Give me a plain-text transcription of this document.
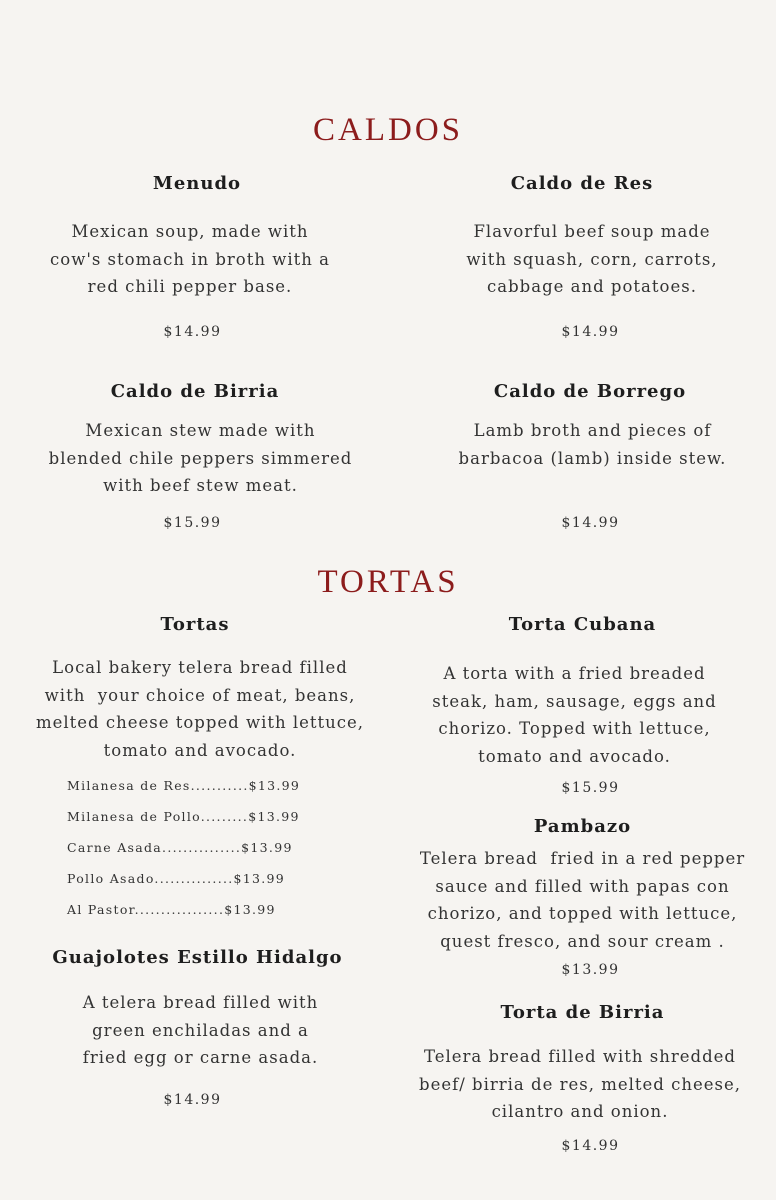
CALDOS
Menudo
Mexican soup, made with
cow's stomach in broth with a
red chili pepper base.
$14.99
Caldo de Res
Flavorful beef soup made
with squash, corn, carrots,
cabbage and potatoes.
$14.99
Caldo de Birria
Mexican stew made with
blended chile peppers simmered
with beef stew meat.
$15.99
Caldo de Borrego
Lamb broth and pieces of
barbacoa (lamb) inside stew.
$14.99
TORTAS
Tortas
Local bakery telera bread filled
with  your choice of meat, beans,
melted cheese topped with lettuce,
tomato and avocado.
Milanesa de Res...........$13.99
Milanesa de Pollo.........$13.99
Carne Asada...............$13.99
Pollo Asado...............$13.99
Al Pastor.................$13.99
Guajolotes Estillo Hidalgo
A telera bread filled with
green enchiladas and a
fried egg or carne asada.
$14.99
Torta Cubana
A torta with a fried breaded
steak, ham, sausage, eggs and
chorizo. Topped with lettuce,
tomato and avocado.
$15.99
Pambazo
Telera bread  fried in a red pepper
sauce and filled with papas con
chorizo, and topped with lettuce,
quest fresco, and sour cream .
$13.99
Torta de Birria
Telera bread filled with shredded
beef/ birria de res, melted cheese,
cilantro and onion.
$14.99
